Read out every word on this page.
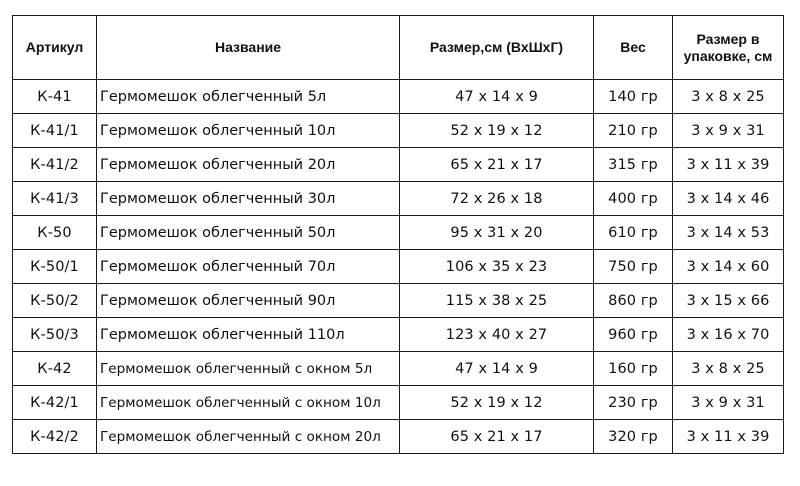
Артикул	Название	Размер,см (ВхШхГ)	Вес	Размер в упаковке, см
К-41	Гермомешок облегченный 5л	47 x 14 x 9	140 гр	3 x 8 x 25
К-41/1	Гермомешок облегченный 10л	52 x 19 x 12	210 гр	3 x 9 x 31
К-41/2	Гермомешок облегченный 20л	65 x 21 x 17	315 гр	3 x 11 x 39
К-41/3	Гермомешок облегченный 30л	72 x 26 x 18	400 гр	3 x 14 x 46
К-50	Гермомешок облегченный 50л	95 x 31 x 20	610 гр	3 x 14 x 53
К-50/1	Гермомешок облегченный 70л	106 x 35 x 23	750 гр	3 x 14 x 60
К-50/2	Гермомешок облегченный 90л	115 x 38 x 25	860 гр	3 x 15 x 66
К-50/3	Гермомешок облегченный 110л	123 x 40 x 27	960 гр	3 x 16 x 70
К-42	Гермомешок облегченный с окном 5л	47 x 14 x 9	160 гр	3 x 8 x 25
К-42/1	Гермомешок облегченный с окном 10л	52 x 19 x 12	230 гр	3 x 9 x 31
К-42/2	Гермомешок облегченный с окном 20л	65 x 21 x 17	320 гр	3 x 11 x 39
